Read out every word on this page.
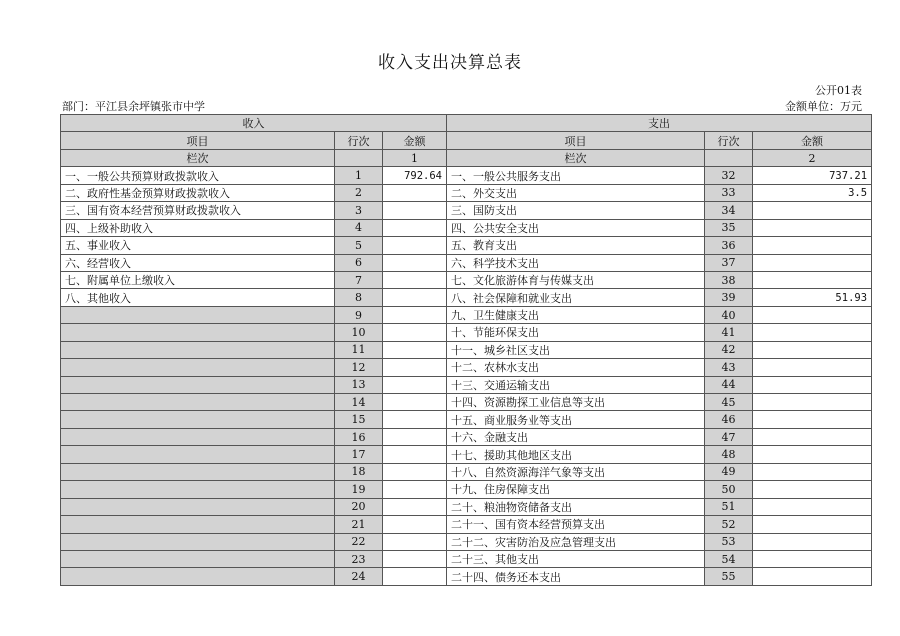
收入支出决算总表
公开01表
部门：平江县余坪镇张市中学	金额单位：万元
收入			支出		
项目	行次	金额	项目	行次	金额
栏次		1	栏次		2
一、一般公共预算财政拨款收入	1	792.64	一、一般公共服务支出	32	737.21
二、政府性基金预算财政拨款收入	2		二、外交支出	33	3.5
三、国有资本经营预算财政拨款收入	3		三、国防支出	34	
四、上级补助收入	4		四、公共安全支出	35	
五、事业收入	5		五、教育支出	36	
六、经营收入	6		六、科学技术支出	37	
七、附属单位上缴收入	7		七、文化旅游体育与传媒支出	38	
八、其他收入	8		八、社会保障和就业支出	39	51.93
	9		九、卫生健康支出	40	
	10		十、节能环保支出	41	
	11		十一、城乡社区支出	42	
	12		十二、农林水支出	43	
	13		十三、交通运输支出	44	
	14		十四、资源勘探工业信息等支出	45	
	15		十五、商业服务业等支出	46	
	16		十六、金融支出	47	
	17		十七、援助其他地区支出	48	
	18		十八、自然资源海洋气象等支出	49	
	19		十九、住房保障支出	50	
	20		二十、粮油物资储备支出	51	
	21		二十一、国有资本经营预算支出	52	
	22		二十二、灾害防治及应急管理支出	53	
	23		二十三、其他支出	54	
	24		二十四、债务还本支出	55	
